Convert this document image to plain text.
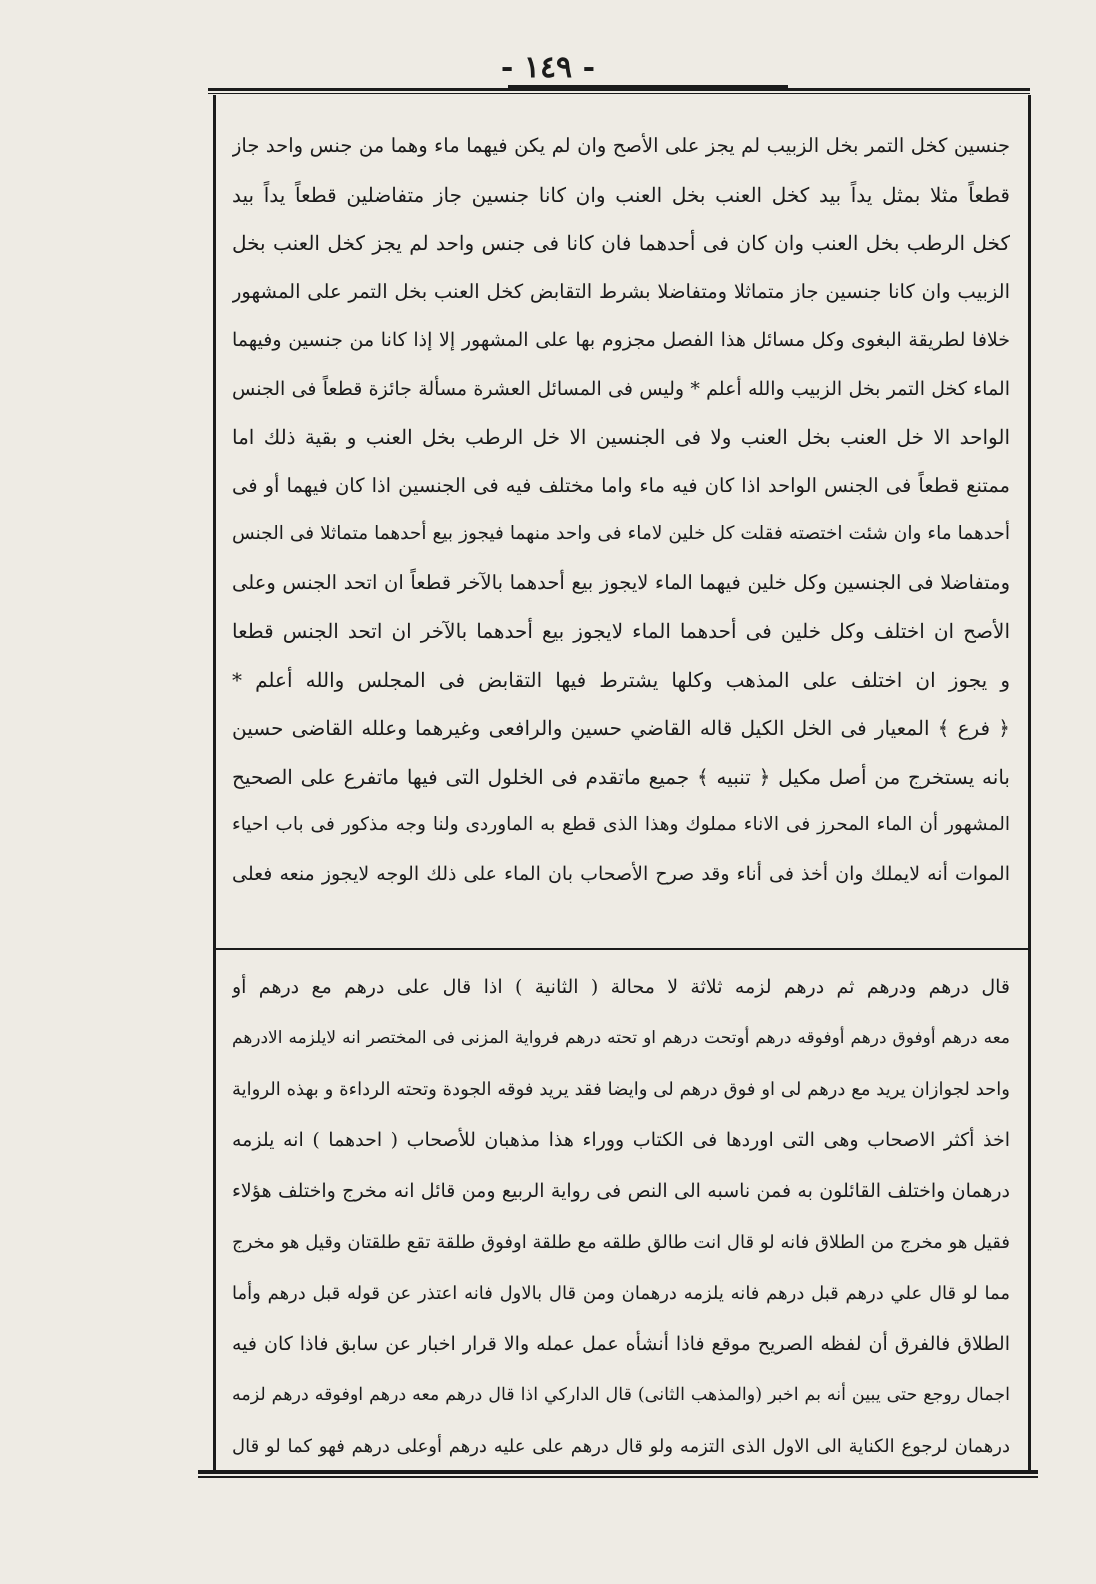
- ١٤٩ -
جنسين كخل التمر بخل الزبيب لم يجز على الأصح وان لم يكن فيهما ماء وهما من جنس واحد جاز
قطعاً مثلا بمثل يداً بيد كخل العنب بخل العنب وان كانا جنسين جاز متفاضلين قطعاً يداً بيد
كخل الرطب بخل العنب وان كان فى أحدهما فان كانا فى جنس واحد لم يجز كخل العنب بخل
الزبيب وان كانا جنسين جاز متماثلا ومتفاضلا بشرط التقابض كخل العنب بخل التمر على المشهور
خلافا لطريقة البغوى وكل مسائل هذا الفصل مجزوم بها على المشهور إلا إذا كانا من جنسين وفيهما
الماء كخل التمر بخل الزبيب والله أعلم * وليس فى المسائل العشرة مسألة جائزة قطعاً فى الجنس
الواحد الا خل العنب بخل العنب ولا فى الجنسين الا خل الرطب بخل العنب و بقية ذلك اما
ممتنع قطعاً فى الجنس الواحد اذا كان فيه ماء واما مختلف فيه فى الجنسين اذا كان فيهما أو فى
أحدهما ماء وان شئت اختصته فقلت كل خلين لاماء فى واحد منهما فيجوز بيع أحدهما متماثلا فى الجنس
ومتفاضلا فى الجنسين وكل خلين فيهما الماء لايجوز بيع أحدهما بالآخر قطعاً ان اتحد الجنس وعلى
الأصح ان اختلف وكل خلين فى أحدهما الماء لايجوز بيع أحدهما بالآخر ان اتحد الجنس قطعا
و يجوز ان اختلف على المذهب وكلها يشترط فيها التقابض فى المجلس والله أعلم *
﴿ فرع ﴾ المعيار فى الخل الكيل قاله القاضي حسين والرافعى وغيرهما وعلله القاضى حسين
بانه يستخرج من أصل مكيل ﴿ تنبيه ﴾ جميع ماتقدم فى الخلول التى فيها ماتفرع على الصحيح
المشهور أن الماء المحرز فى الاناء مملوك وهذا الذى قطع به الماوردى ولنا وجه مذكور فى باب احياء
الموات أنه لايملك وان أخذ فى أناء وقد صرح الأصحاب بان الماء على ذلك الوجه لايجوز منعه فعلى
قال درهم ودرهم ثم درهم لزمه ثلاثة لا محالة ( الثانية ) اذا قال على درهم مع درهم أو
معه درهم أوفوق درهم أوفوقه درهم أوتحت درهم او تحته درهم فرواية المزنى فى المختصر انه لايلزمه الادرهم
واحد لجوازان يريد مع درهم لى او فوق درهم لى وايضا فقد يريد فوقه الجودة وتحته الرداءة و بهذه الرواية
اخذ أكثر الاصحاب وهى التى اوردها فى الكتاب ووراء هذا مذهبان للأصحاب ( احدهما ) انه يلزمه
درهمان واختلف القائلون به فمن ناسبه الى النص فى رواية الربيع ومن قائل انه مخرج واختلف هؤلاء
فقيل هو مخرج من الطلاق فانه لو قال انت طالق طلقه مع طلقة اوفوق طلقة تقع طلقتان وقيل هو مخرج
مما لو قال علي درهم قبل درهم فانه يلزمه درهمان ومن قال بالاول فانه اعتذر عن قوله قبل درهم وأما
الطلاق فالفرق أن لفظه الصريح موقع فاذا أنشأه عمل عمله والا قرار اخبار عن سابق فاذا كان فيه
اجمال روجع حتى يبين أنه بم اخبر (والمذهب الثانى) قال الداركي اذا قال درهم معه درهم اوفوقه درهم لزمه
درهمان لرجوع الكناية الى الاول الذى التزمه ولو قال درهم على عليه درهم أوعلى درهم فهو كما لو قال
